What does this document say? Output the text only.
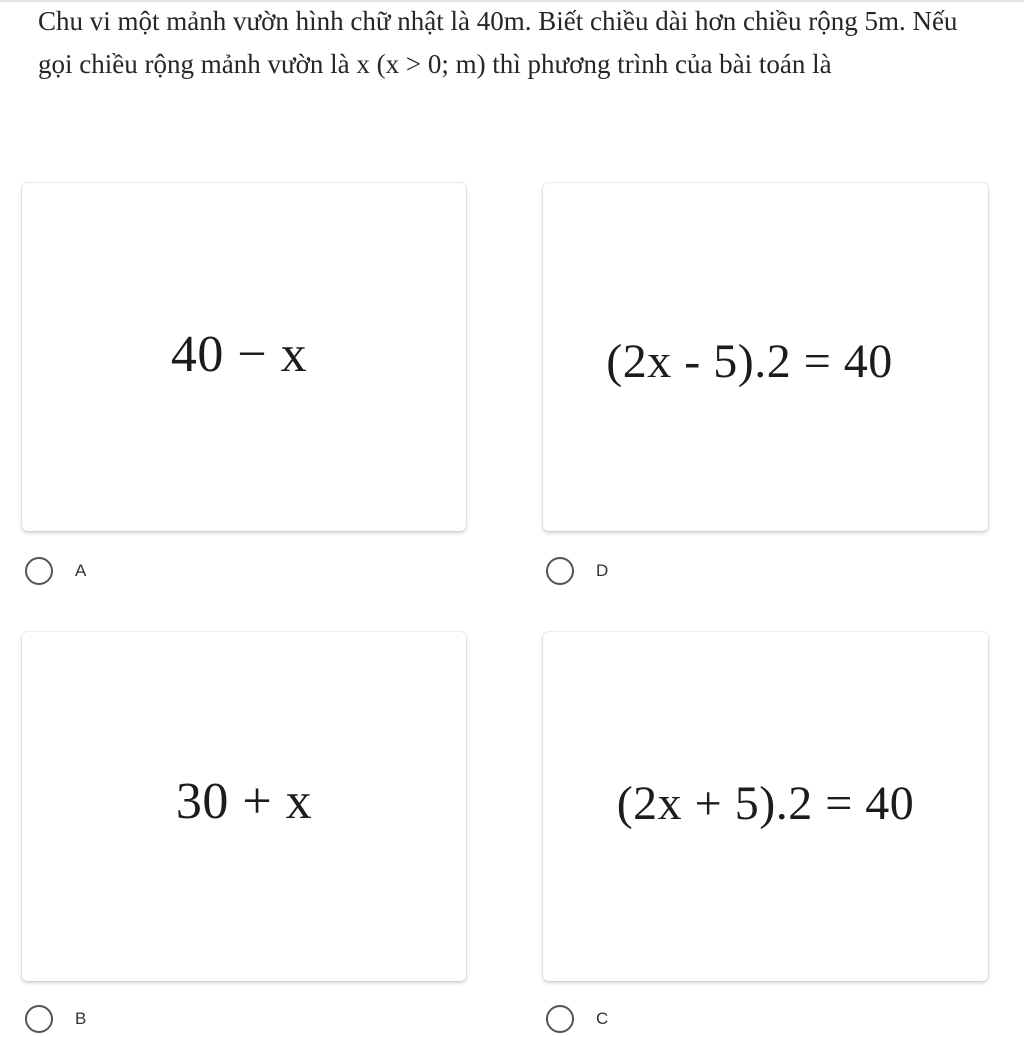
Chu vi một mảnh vườn hình chữ nhật là 40m. Biết chiều dài hơn chiều rộng 5m. Nếu gọi chiều rộng mảnh vườn là x (x > 0; m) thì phương trình của bài toán là

40 − x
A
(2x - 5).2 = 40
D
30 + x
B
(2x + 5).2 = 40
C
